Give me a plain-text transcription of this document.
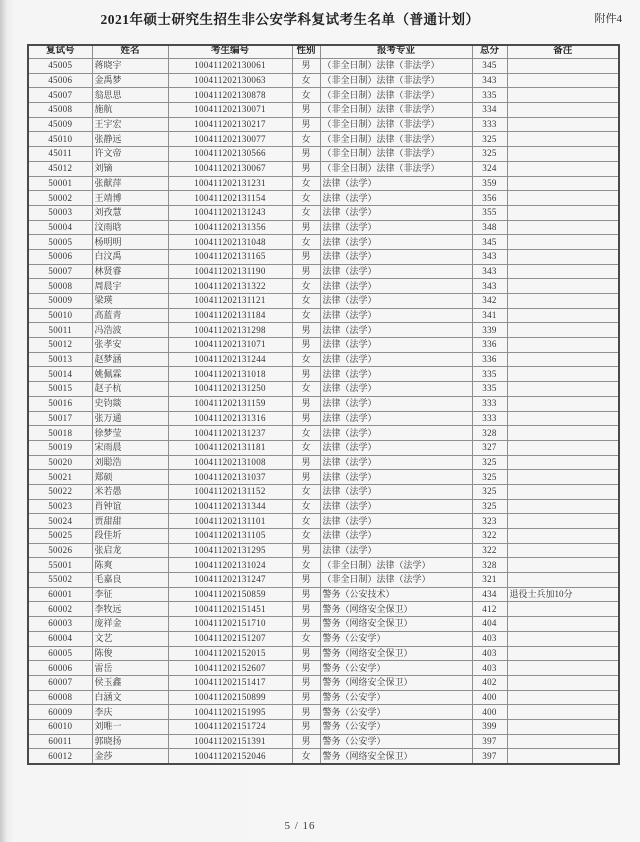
2021年硕士研究生招生非公安学科复试考生名单（普通计划）	附件4
复试号	姓名	考生编号	性别	报考专业	总分	备注
45005	蒋晓宇	100411202130061	男	（非全日制）法律（非法学）	345	
45006	金禹梦	100411202130063	女	（非全日制）法律（非法学）	343	
45007	翁思思	100411202130878	女	（非全日制）法律（非法学）	335	
45008	施航	100411202130071	男	（非全日制）法律（非法学）	334	
45009	王宇宏	100411202130217	男	（非全日制）法律（非法学）	333	
45010	张静远	100411202130077	女	（非全日制）法律（非法学）	325	
45011	许文帝	100411202130566	男	（非全日制）法律（非法学）	325	
45012	刘镝	100411202130067	男	（非全日制）法律（非法学）	324	
50001	张献萍	100411202131231	女	法律（法学）	359	
50002	王靖博	100411202131154	女	法律（法学）	356	
50003	刘孜慧	100411202131243	女	法律（法学）	355	
50004	汶雨晗	100411202131356	男	法律（法学）	348	
50005	杨明明	100411202131048	女	法律（法学）	345	
50006	白汶禹	100411202131165	男	法律（法学）	343	
50007	林贤睿	100411202131190	男	法律（法学）	343	
50008	周晨宇	100411202131322	女	法律（法学）	343	
50009	梁瑛	100411202131121	女	法律（法学）	342	
50010	高蓝青	100411202131184	女	法律（法学）	341	
50011	冯浩波	100411202131298	男	法律（法学）	339	
50012	张孝安	100411202131071	男	法律（法学）	336	
50013	赵梦涵	100411202131244	女	法律（法学）	336	
50014	姚佩霖	100411202131018	男	法律（法学）	335	
50015	赵子杭	100411202131250	女	法律（法学）	335	
50016	史钧燚	100411202131159	男	法律（法学）	333	
50017	张万通	100411202131316	男	法律（法学）	333	
50018	徐梦莹	100411202131237	女	法律（法学）	328	
50019	宋雨晨	100411202131181	女	法律（法学）	327	
50020	刘聪浩	100411202131008	男	法律（法学）	325	
50021	郑硕	100411202131037	男	法律（法学）	325	
50022	米若愚	100411202131152	女	法律（法学）	325	
50023	肖钟谊	100411202131344	女	法律（法学）	325	
50024	贾甜甜	100411202131101	女	法律（法学）	323	
50025	段佳圻	100411202131105	女	法律（法学）	322	
50026	张启龙	100411202131295	男	法律（法学）	322	
55001	陈爽	100411202131024	女	（非全日制）法律（法学）	328	
55002	毛嘉良	100411202131247	男	（非全日制）法律（法学）	321	
60001	李征	100411202150859	男	警务（公安技术）	434	退役士兵加10分
60002	李牧远	100411202151451	男	警务（网络安全保卫）	412	
60003	庞祥金	100411202151710	男	警务（网络安全保卫）	404	
60004	文艺	100411202151207	女	警务（公安学）	403	
60005	陈俊	100411202152015	男	警务（网络安全保卫）	403	
60006	雷岳	100411202152607	男	警务（公安学）	403	
60007	侯玉鑫	100411202151417	男	警务（网络安全保卫）	402	
60008	白涵文	100411202150899	男	警务（公安学）	400	
60009	李庆	100411202151995	男	警务（公安学）	400	
60010	刘唯一	100411202151724	男	警务（公安学）	399	
60011	郭晓扬	100411202151391	男	警务（公安学）	397	
60012	金莎	100411202152046	女	警务（网络安全保卫）	397	
5 / 16
